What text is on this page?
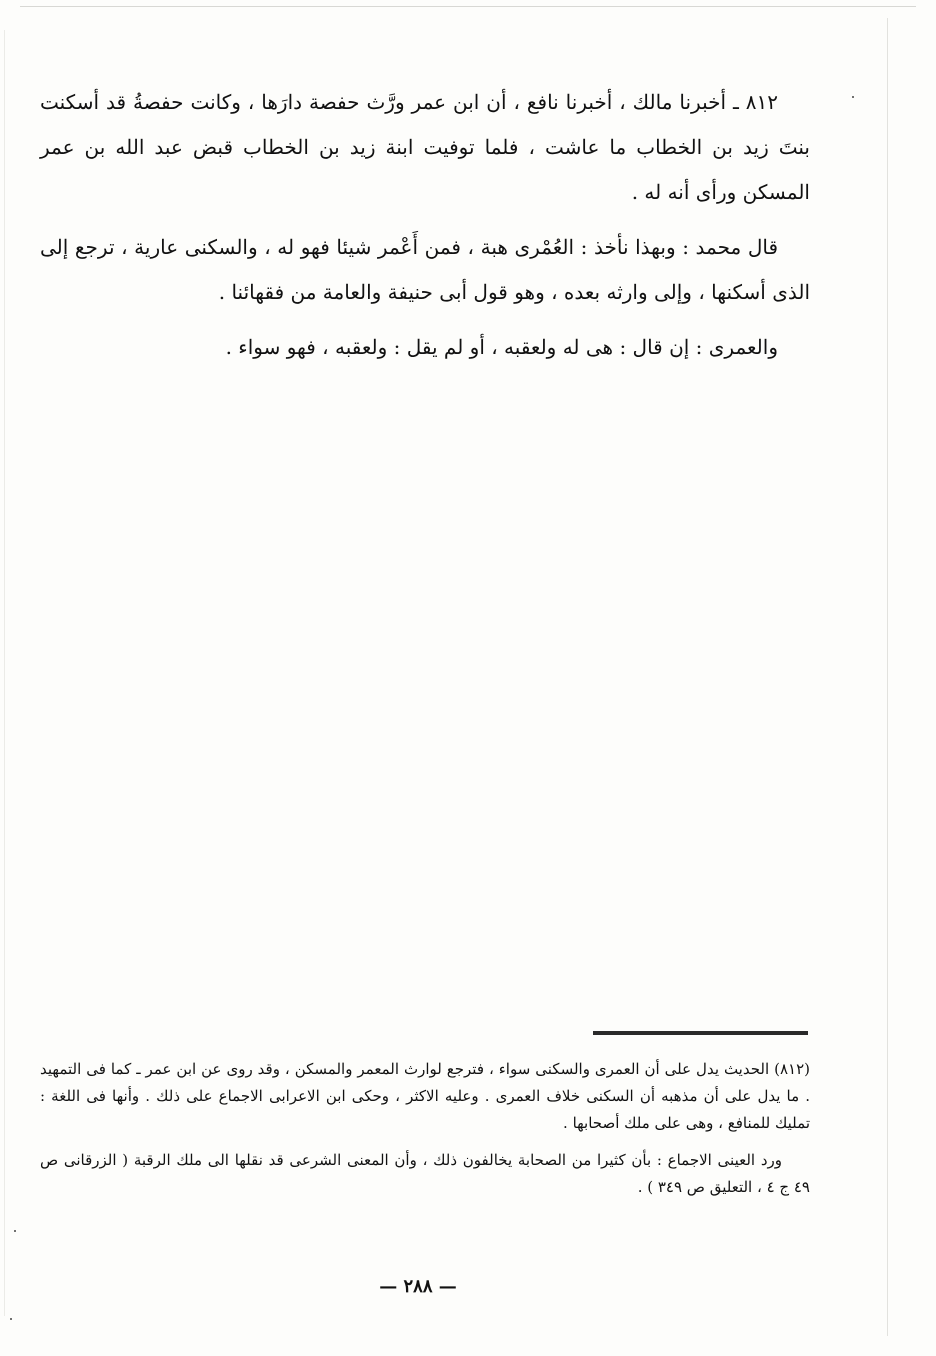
٨١٢ ـ أخبرنا مالك ، أخبرنا نافع ، أن ابن عمر ورَّث حفصة دارَها ، وكانت حفصةُ قد أسكنت بنتَ زيد بن الخطاب ما عاشت ، فلما توفيت ابنة زيد بن الخطاب قبض عبد الله بن عمر المسكن ورأى أنه له .

قال محمد : وبهذا نأخذ : العُمْرى هبة ، فمن أَعْمر شيئا فهو له ، والسكنى عارية ، ترجع إلى الذى أسكنها ، وإلى وارثه بعده ، وهو قول أبى حنيفة والعامة من فقهائنا .

والعمرى : إن قال : هى له ولعقبه ، أو لم يقل : ولعقبه ، فهو سواء .

(٨١٢) الحديث يدل على أن العمرى والسكنى سواء ، فترجع لوارث المعمر والمسكن ، وقد روى عن ابن عمر ـ كما فى التمهيد . ما يدل على أن مذهبه أن السكنى خلاف العمرى . وعليه الاكثر ، وحكى ابن الاعرابى الاجماع على ذلك . وأنها فى اللغة : تمليك للمنافع ، وهى على ملك أصحابها .

ورد العينى الاجماع : بأن كثيرا من الصحابة يخالفون ذلك ، وأن المعنى الشرعى قد نقلها الى ملك الرقبة ( الزرقانى ص ٤٩ ج ٤ ، التعليق ص ٣٤٩ ) .

— ٢٨٨ —
